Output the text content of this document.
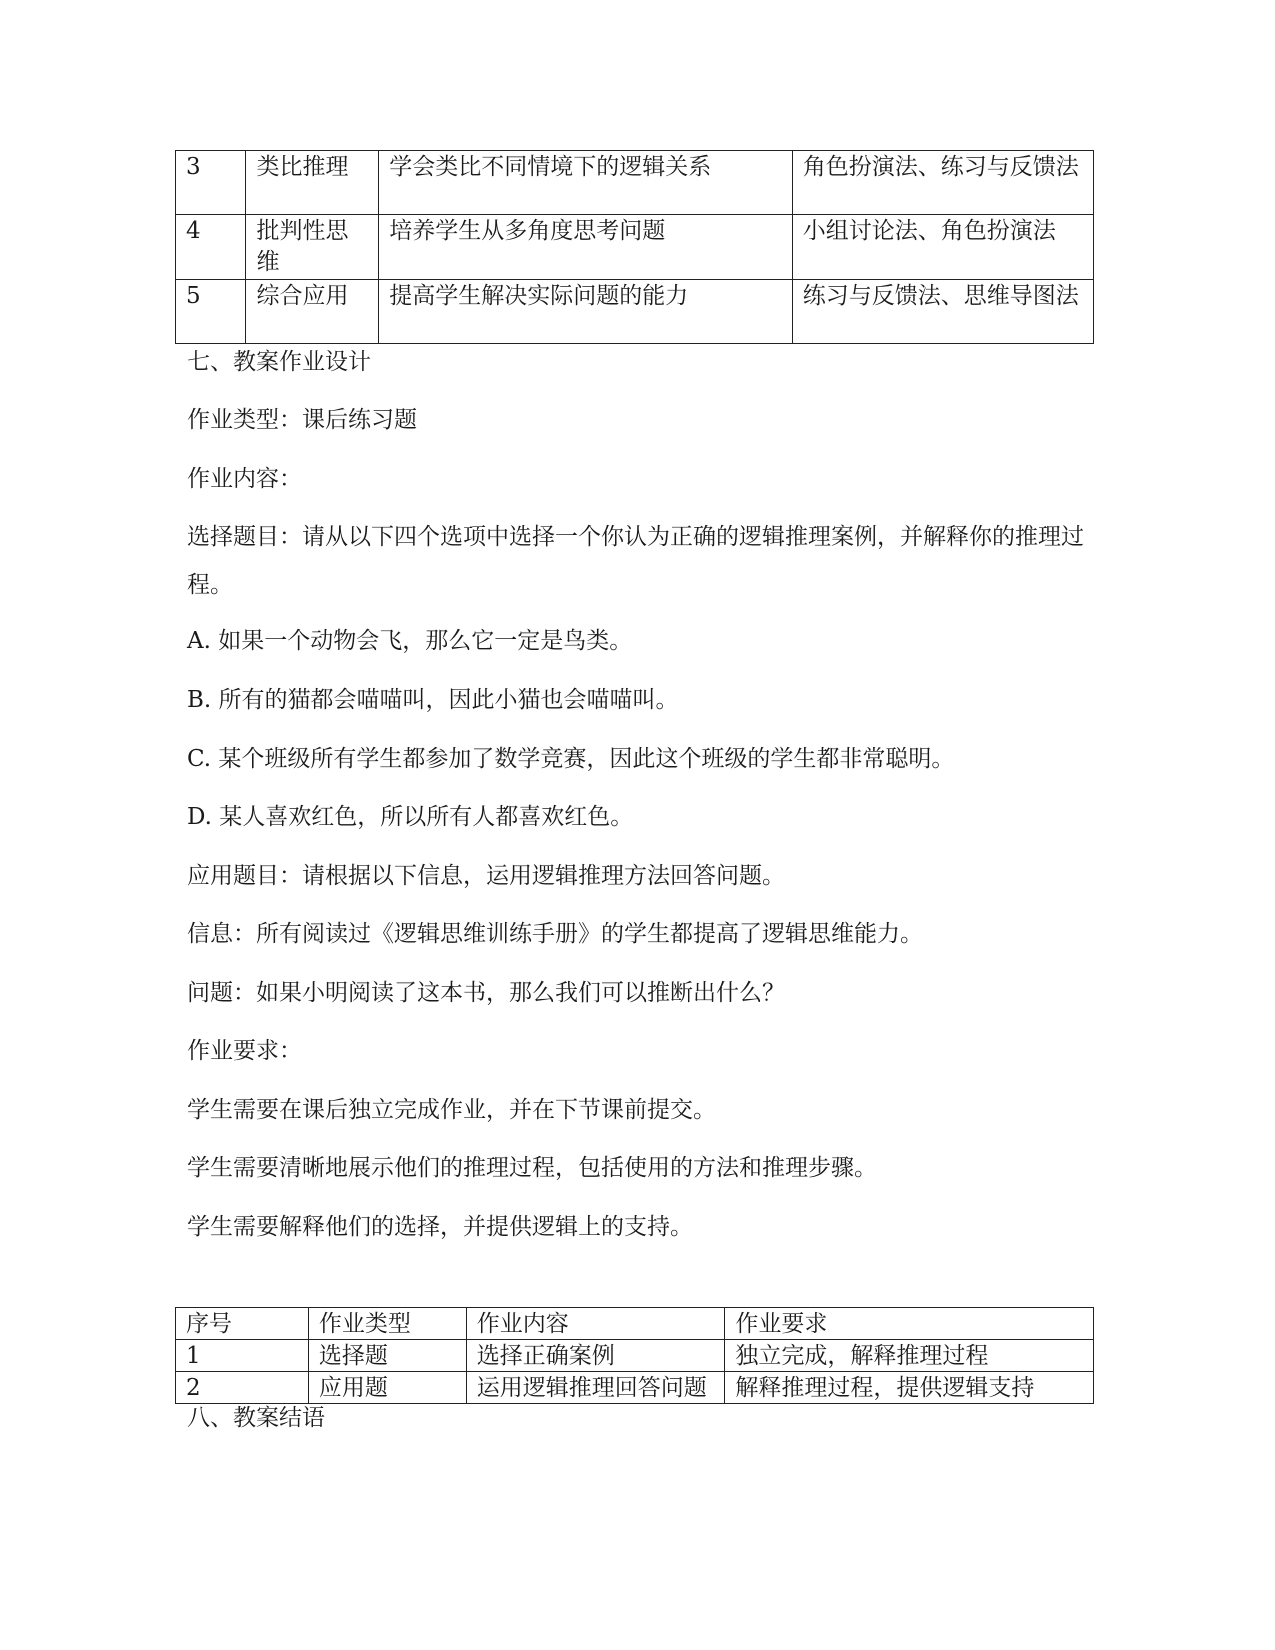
3	类比推理	学会类比不同情境下的逻辑关系	角色扮演法、练习与反馈法
4	批判性思维	培养学生从多角度思考问题	小组讨论法、角色扮演法
5	综合应用	提高学生解决实际问题的能力	练习与反馈法、思维导图法

七、教案作业设计

作业类型：课后练习题

作业内容：

选择题目：请从以下四个选项中选择一个你认为正确的逻辑推理案例，并解释你的推理过程。

A. 如果一个动物会飞，那么它一定是鸟类。

B. 所有的猫都会喵喵叫，因此小猫也会喵喵叫。

C. 某个班级所有学生都参加了数学竞赛，因此这个班级的学生都非常聪明。

D. 某人喜欢红色，所以所有人都喜欢红色。

应用题目：请根据以下信息，运用逻辑推理方法回答问题。

信息：所有阅读过《逻辑思维训练手册》的学生都提高了逻辑思维能力。

问题：如果小明阅读了这本书，那么我们可以推断出什么？

作业要求：

学生需要在课后独立完成作业，并在下节课前提交。

学生需要清晰地展示他们的推理过程，包括使用的方法和推理步骤。

学生需要解释他们的选择，并提供逻辑上的支持。

序号	作业类型	作业内容	作业要求
1	选择题	选择正确案例	独立完成，解释推理过程
2	应用题	运用逻辑推理回答问题	解释推理过程，提供逻辑支持

八、教案结语
